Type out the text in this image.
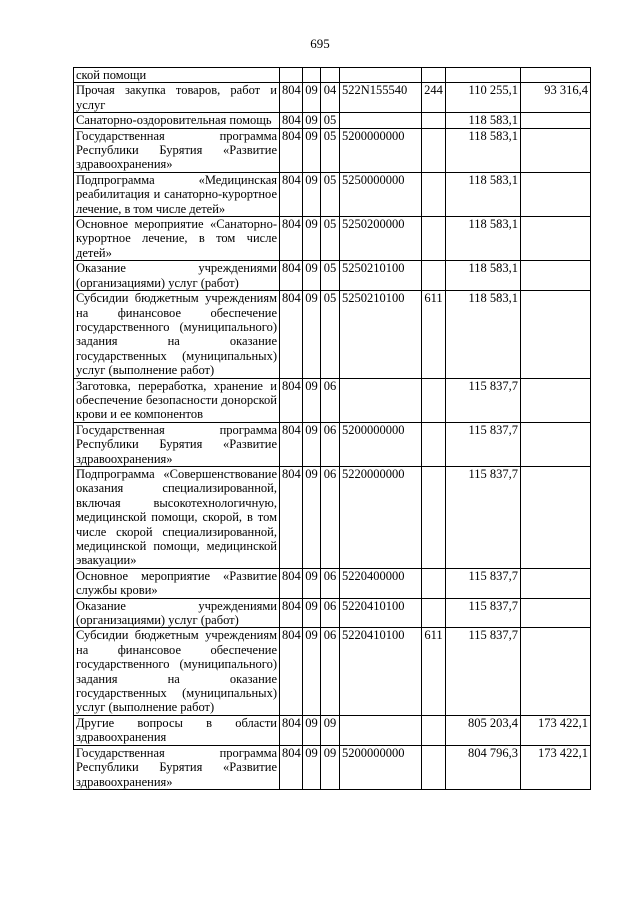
695
ской помощи							
Прочая закупка товаров, работ и услуг	804	09	04	522N155540	244	110 255,1	93 316,4
Санаторно-оздоровительная помощь	804	09	05			118 583,1	
Государственная программа Республики Бурятия «Развитие здравоохранения»	804	09	05	5200000000		118 583,1	
Подпрограмма «Медицинская реабилитация и санаторно-курортное лечение, в том числе детей»	804	09	05	5250000000		118 583,1	
Основное мероприятие «Санаторно-курортное лечение, в том числе детей»	804	09	05	5250200000		118 583,1	
Оказание учреждениями (организациями) услуг (работ)	804	09	05	5250210100		118 583,1	
Субсидии бюджетным учреждениям на финансовое обеспечение государственного (муниципального) задания на оказание государственных (муниципальных) услуг (выполнение работ)	804	09	05	5250210100	611	118 583,1	
Заготовка, переработка, хранение и обеспечение безопасности донорской крови и ее компонентов	804	09	06			115 837,7	
Государственная программа Республики Бурятия «Развитие здравоохранения»	804	09	06	5200000000		115 837,7	
Подпрограмма «Совершенствование оказания специализированной, включая высокотехнологичную, медицинской помощи, скорой, в том числе скорой специализированной, медицинской помощи, медицинской эвакуации»	804	09	06	5220000000		115 837,7	
Основное мероприятие «Развитие службы крови»	804	09	06	5220400000		115 837,7	
Оказание учреждениями (организациями) услуг (работ)	804	09	06	5220410100		115 837,7	
Субсидии бюджетным учреждениям на финансовое обеспечение государственного (муниципального) задания на оказание государственных (муниципальных) услуг (выполнение работ)	804	09	06	5220410100	611	115 837,7	
Другие вопросы в области здравоохранения	804	09	09			805 203,4	173 422,1
Государственная программа Республики Бурятия «Развитие здравоохранения»	804	09	09	5200000000		804 796,3	173 422,1
